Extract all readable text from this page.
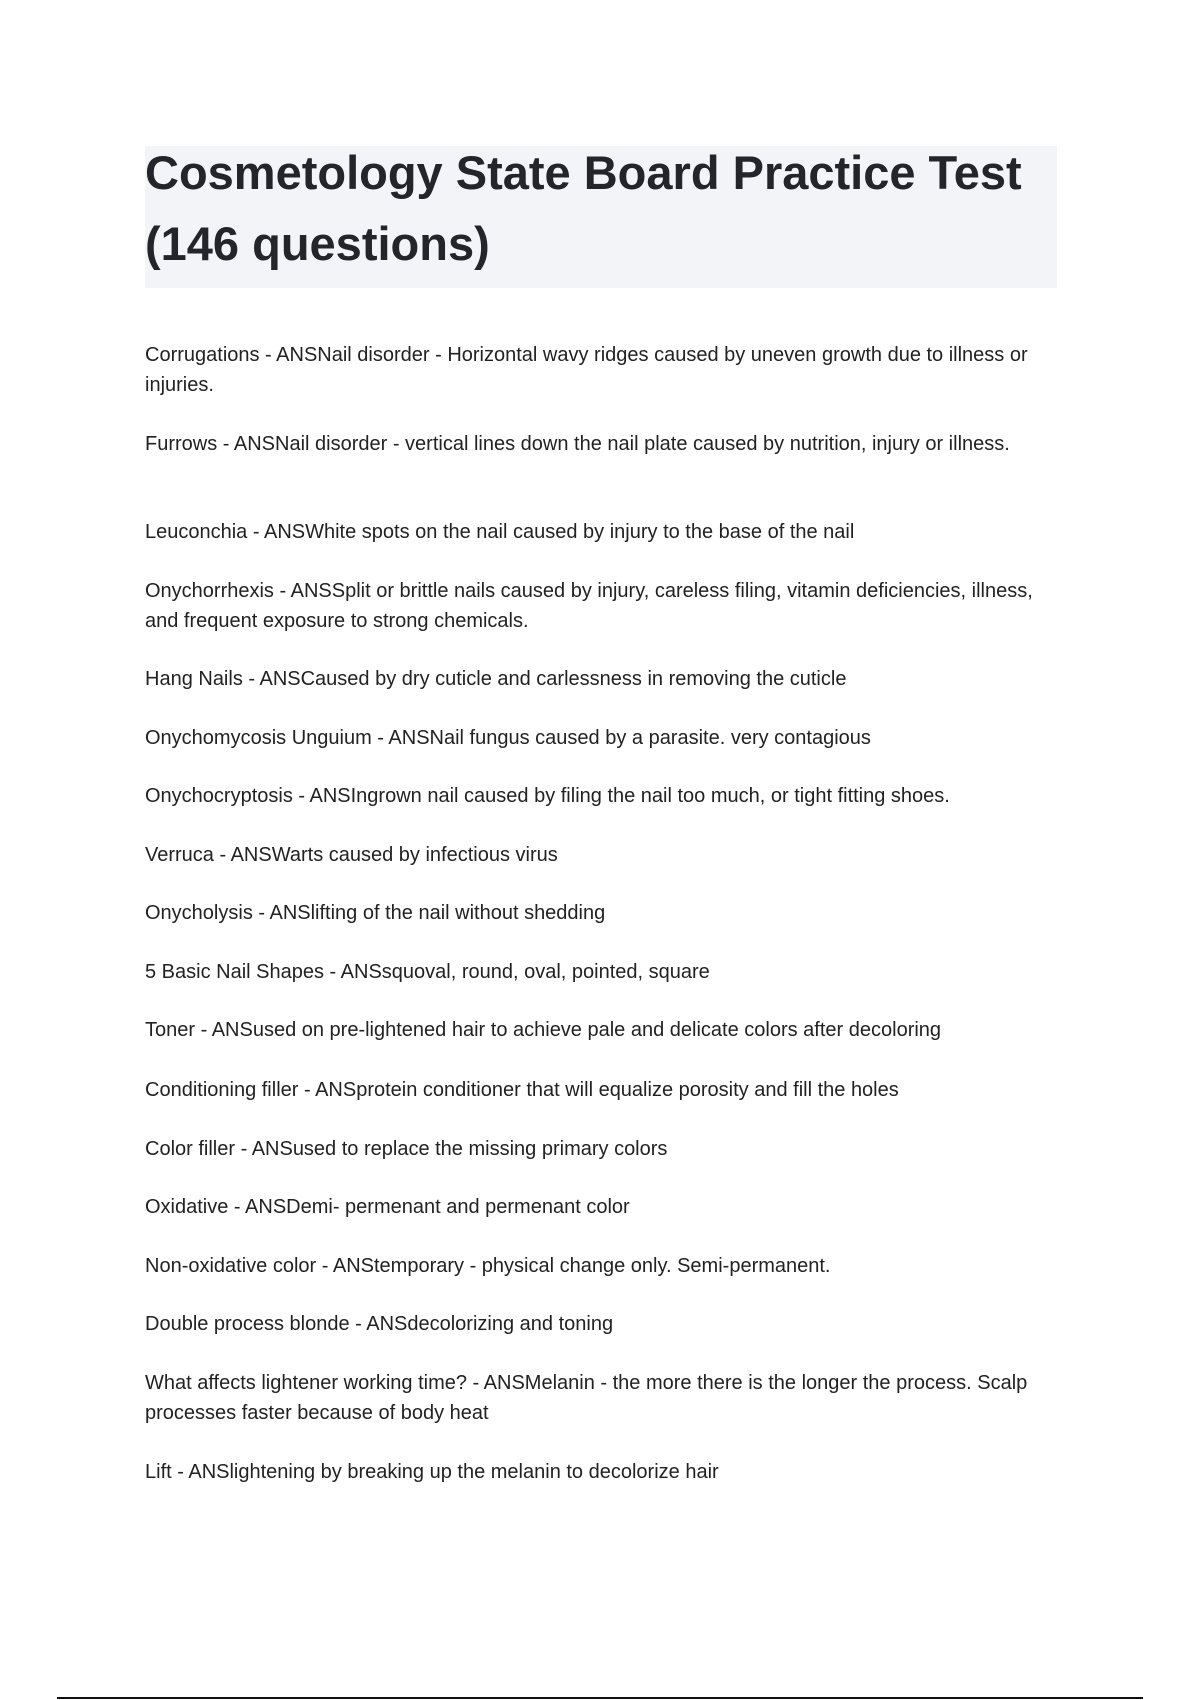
Cosmetology State Board Practice Test
(146 questions)

Corrugations - ANSNail disorder - Horizontal wavy ridges caused by uneven growth due to illness or injuries.

Furrows - ANSNail disorder - vertical lines down the nail plate caused by nutrition, injury or illness.

Leuconchia - ANSWhite spots on the nail caused by injury to the base of the nail

Onychorrhexis - ANSSplit or brittle nails caused by injury, careless filing, vitamin deficiencies, illness, and frequent exposure to strong chemicals.

Hang Nails - ANSCaused by dry cuticle and carlessness in removing the cuticle

Onychomycosis Unguium - ANSNail fungus caused by a parasite. very contagious

Onychocryptosis - ANSIngrown nail caused by filing the nail too much, or tight fitting shoes.

Verruca - ANSWarts caused by infectious virus

Onycholysis - ANSlifting of the nail without shedding

5 Basic Nail Shapes - ANSsquoval, round, oval, pointed, square

Toner - ANSused on pre-lightened hair to achieve pale and delicate colors after decoloring

Conditioning filler - ANSprotein conditioner that will equalize porosity and fill the holes

Color filler - ANSused to replace the missing primary colors

Oxidative - ANSDemi- permenant and permenant color

Non-oxidative color - ANStemporary - physical change only. Semi-permanent.

Double process blonde - ANSdecolorizing and toning

What affects lightener working time? - ANSMelanin - the more there is the longer the process. Scalp processes faster because of body heat

Lift - ANSlightening by breaking up the melanin to decolorize hair
